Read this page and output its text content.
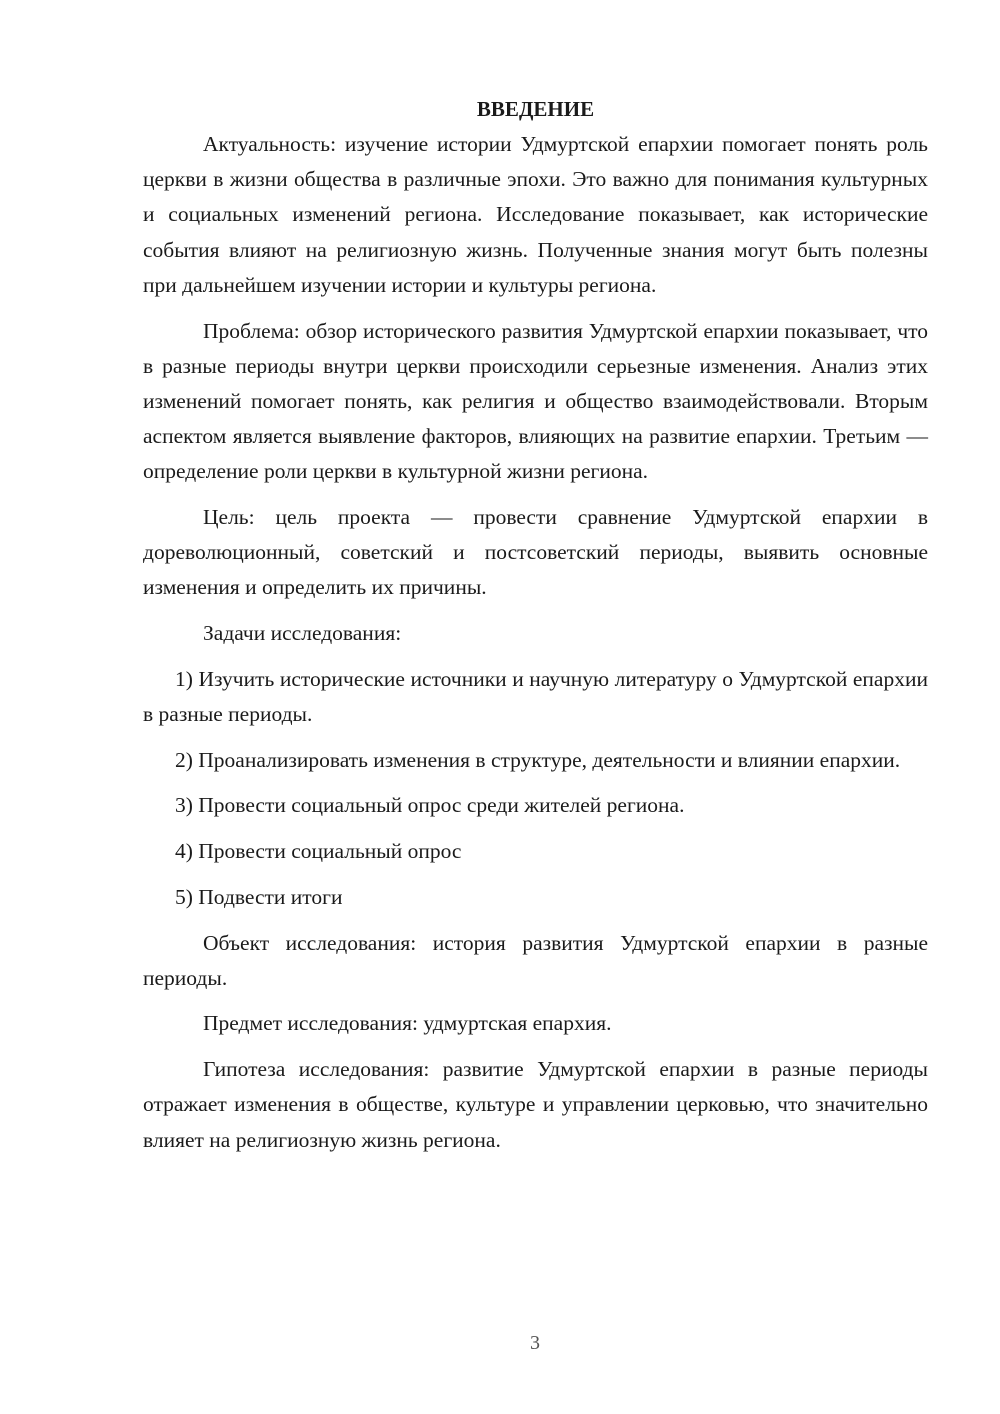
ВВЕДЕНИЕ

Актуальность: изучение истории Удмуртской епархии помогает понять роль церкви в жизни общества в различные эпохи. Это важно для понимания культурных и социальных изменений региона. Исследование показывает, как исторические события влияют на религиозную жизнь. Полученные знания могут быть полезны при дальнейшем изучении истории и культуры региона.

Проблема: обзор исторического развития Удмуртской епархии показывает, что в разные периоды внутри церкви происходили серьезные изменения. Анализ этих изменений помогает понять, как религия и общество взаимодействовали. Вторым аспектом является выявление факторов, влияющих на развитие епархии. Третьим — определение роли церкви в культурной жизни региона.

Цель: цель проекта — провести сравнение Удмуртской епархии в дореволюционный, советский и постсоветский периоды, выявить основные изменения и определить их причины.

Задачи исследования:

1) Изучить исторические источники и научную литературу о Удмуртской епархии в разные периоды.

2) Проанализировать изменения в структуре, деятельности и влиянии епархии.

3) Провести социальный опрос среди жителей региона.

4) Провести социальный опрос

5) Подвести итоги

Объект исследования: история развития Удмуртской епархии в разные периоды.

Предмет исследования: удмуртская епархия.

Гипотеза исследования: развитие Удмуртской епархии в разные периоды отражает изменения в обществе, культуре и управлении церковью, что значительно влияет на религиозную жизнь региона.

3
